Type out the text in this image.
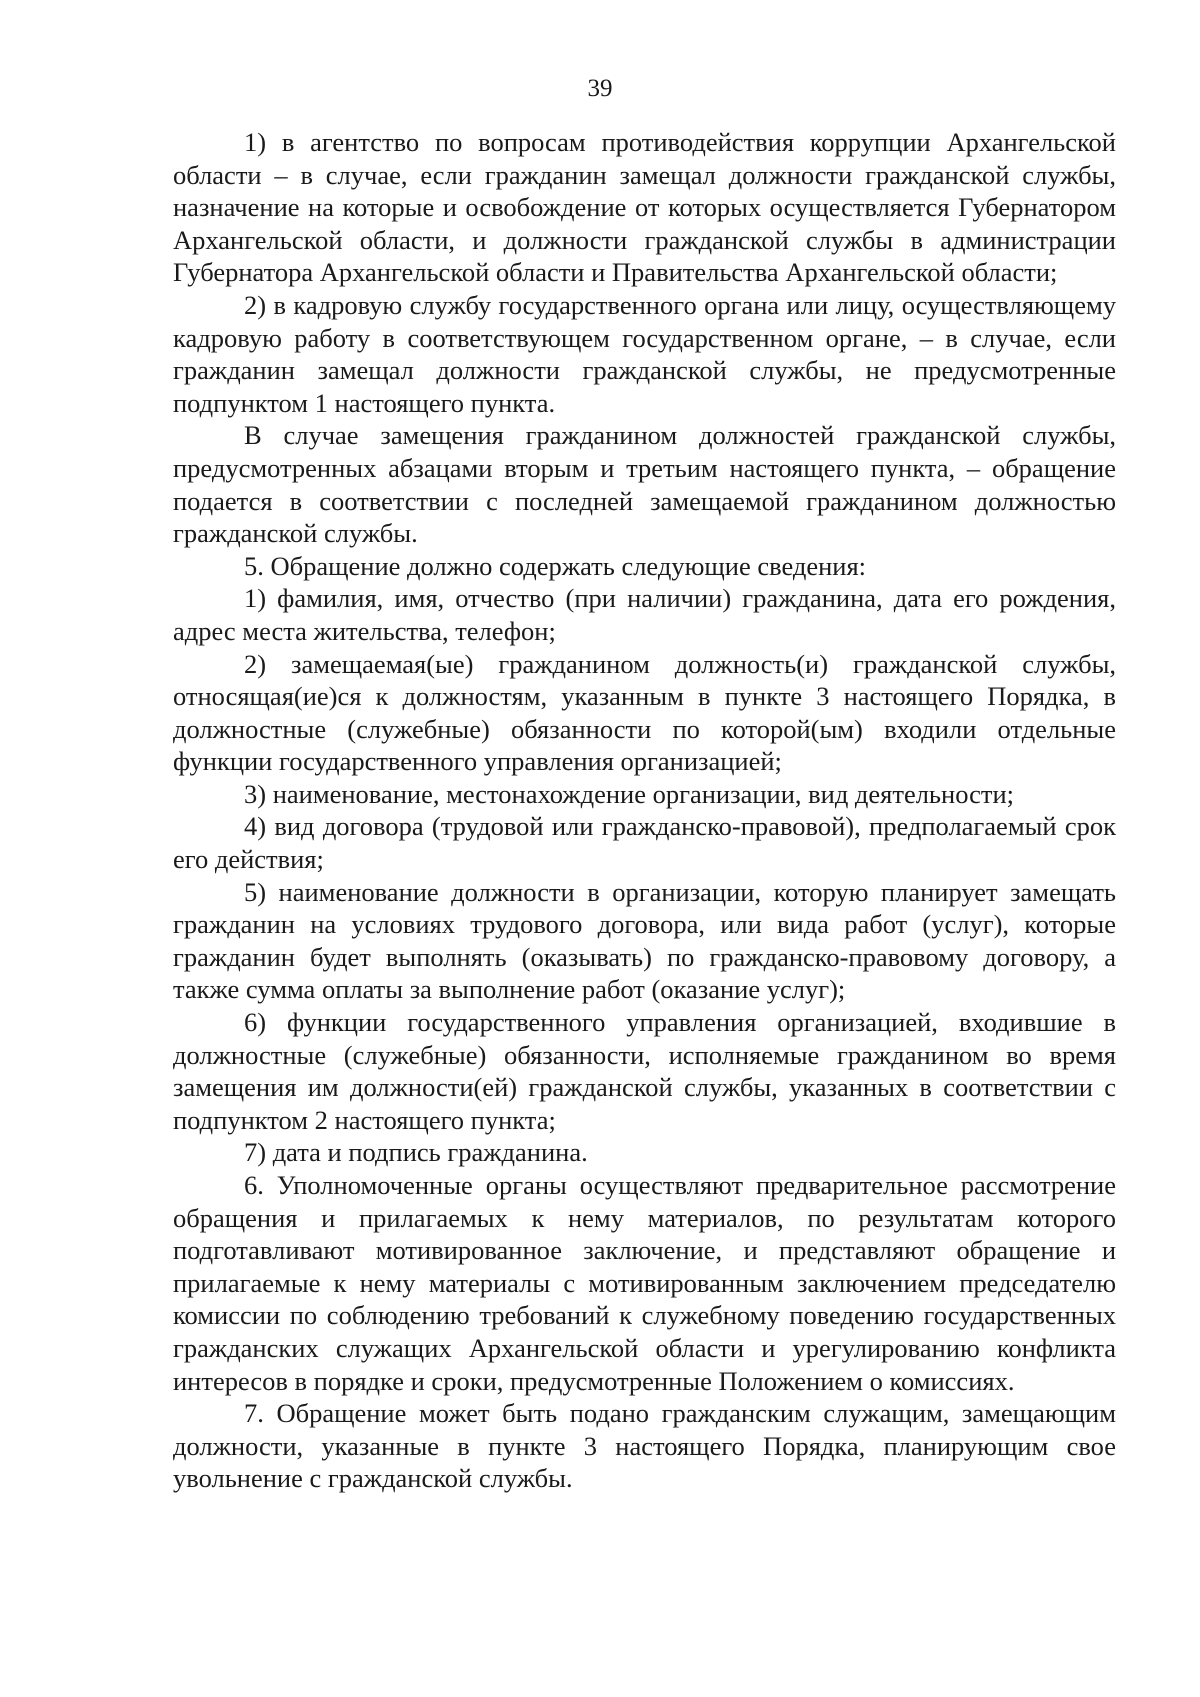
39

1) в агентство по вопросам противодействия коррупции Архангельской области – в случае, если гражданин замещал должности гражданской службы, назначение на которые и освобождение от которых осуществляется Губернатором Архангельской области, и должности гражданской службы в администрации Губернатора Архангельской области и Правительства Архангельской области;

2) в кадровую службу государственного органа или лицу, осуществляющему кадровую работу в соответствующем государственном органе, – в случае, если гражданин замещал должности гражданской службы, не предусмотренные подпунктом 1 настоящего пункта.

В случае замещения гражданином должностей гражданской службы, предусмотренных абзацами вторым и третьим настоящего пункта, – обращение подается в соответствии с последней замещаемой гражданином должностью гражданской службы.

5. Обращение должно содержать следующие сведения:

1) фамилия, имя, отчество (при наличии) гражданина, дата его рождения, адрес места жительства, телефон;

2) замещаемая(ые) гражданином должность(и) гражданской службы, относящая(ие)ся к должностям, указанным в пункте 3 настоящего Порядка, в должностные (служебные) обязанности по которой(ым) входили отдельные функции государственного управления организацией;

3) наименование, местонахождение организации, вид деятельности;

4) вид договора (трудовой или гражданско-правовой), предполагаемый срок его действия;

5) наименование должности в организации, которую планирует замещать гражданин на условиях трудового договора, или вида работ (услуг), которые гражданин будет выполнять (оказывать) по гражданско-правовому договору, а также сумма оплаты за выполнение работ (оказание услуг);

6) функции государственного управления организацией, входившие в должностные (служебные) обязанности, исполняемые гражданином во время замещения им должности(ей) гражданской службы, указанных в соответствии с подпунктом 2 настоящего пункта;

7) дата и подпись гражданина.

6. Уполномоченные органы осуществляют предварительное рассмотрение обращения и прилагаемых к нему материалов, по результатам которого подготавливают мотивированное заключение, и представляют обращение и прилагаемые к нему материалы с мотивированным заключением председателю комиссии по соблюдению требований к служебному поведению государственных гражданских служащих Архангельской области и урегулированию конфликта интересов в порядке и сроки, предусмотренные Положением о комиссиях.

7. Обращение может быть подано гражданским служащим, замещающим должности, указанные в пункте 3 настоящего Порядка, планирующим свое увольнение с гражданской службы.
